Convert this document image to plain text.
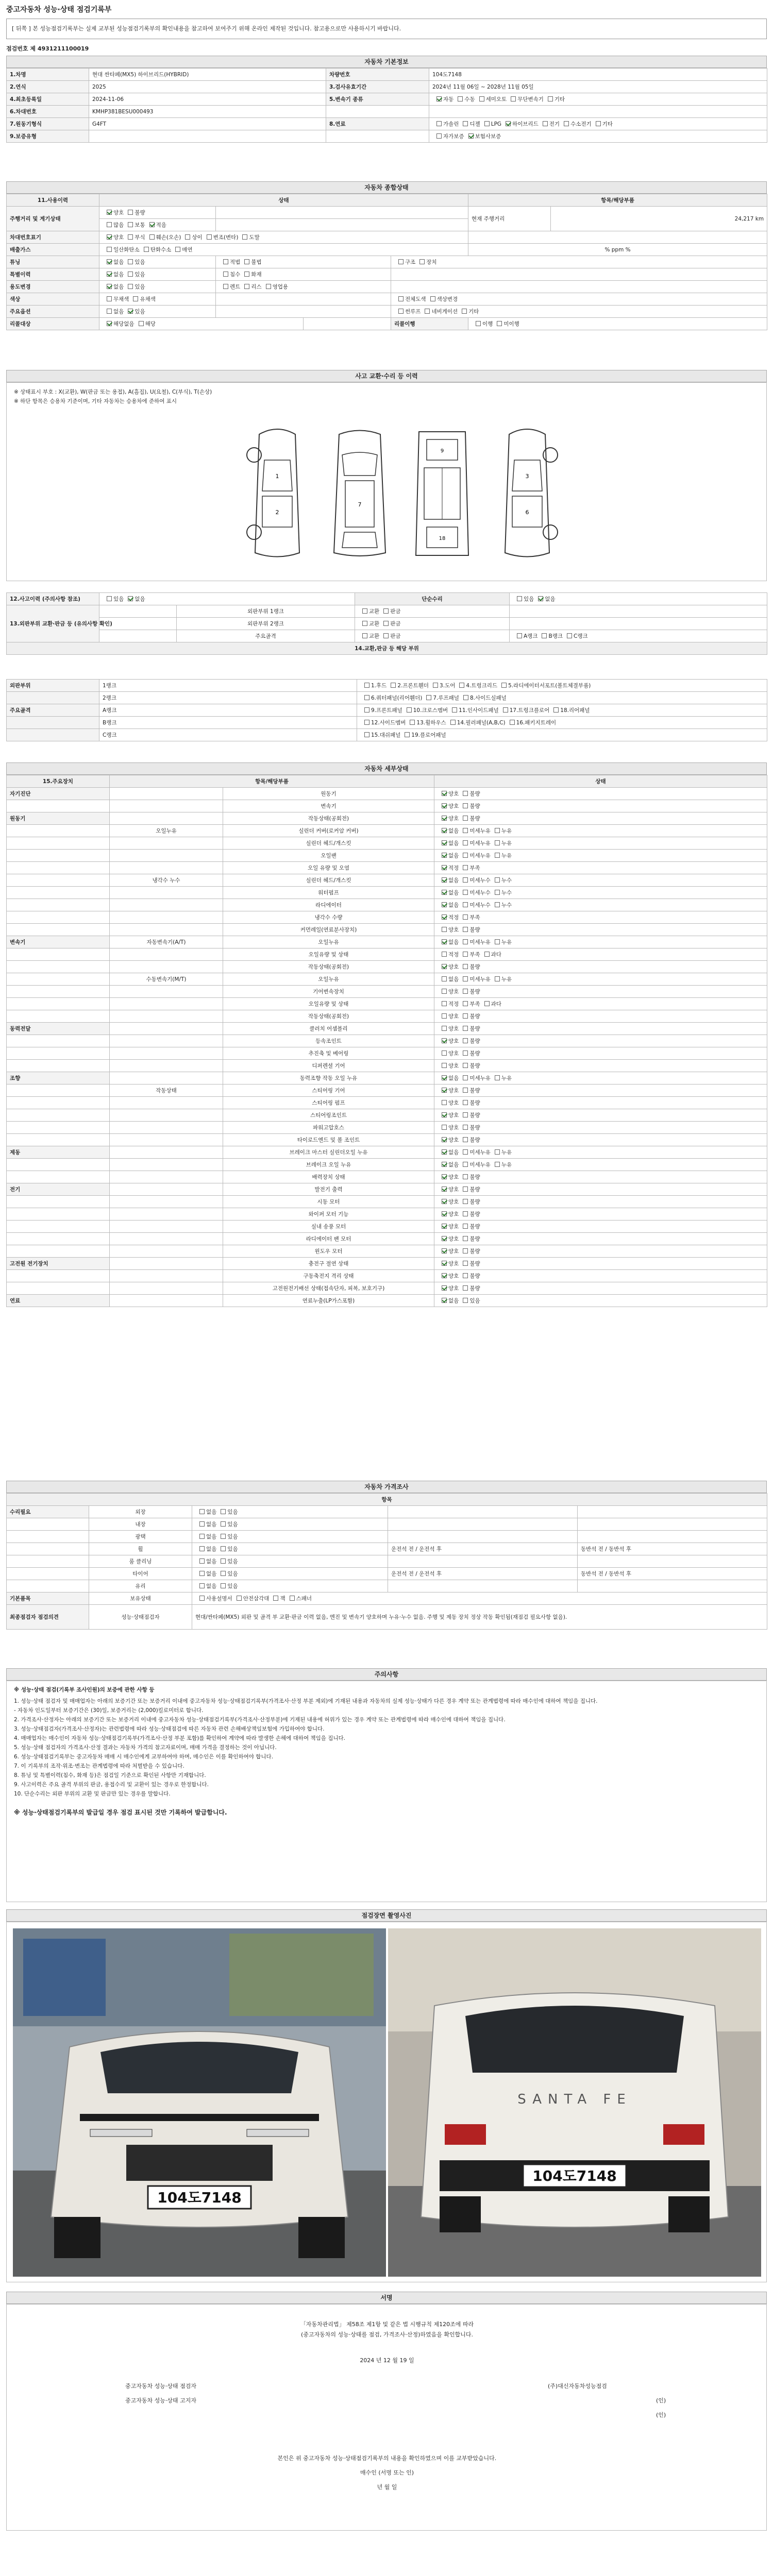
중고자동차 성능·상태 점검기록부
[ 뒤쪽 ] 본 성능점검기록부는 실제 교부된 성능점검기록부의 확인내용을 참고하여 보여주기 위해 온라인 제작된 것입니다. 참고용으로만 사용하시기 바랍니다.
점검번호 제 4931211100019
자동차 기본정보
1.차명	현대 싼타페(MX5) 하이브리드(HYBRID)	차량번호	104도7148
2.연식	2025	3.검사유효기간	2024년 11월 06일 ~ 2028년 11월 05일
4.최초등록일	2024-11-06	5.변속기 종류	자동 수동 세미오토 무단변속기 기타
6.차대번호	KMHP381BESU000493		
7.원동기형식	G4FT	8.연료	가솔린 디젤 LPG 하이브리드 전기 수소전기 기타
9.보증유형			자가보증 보험사보증
자동차 종합상태
11.사용이력	상태				항목/해당부품	
주행거리 및 계기상태	양호 불량				현재 주행거리	24,217 km
	많음 보통 적음					
차대번호표기	양호 부식 훼손(오손) 상이 변조(변타) 도말					
배출가스	일산화탄소 탄화수소 매연				% ppm %	
튜닝	없음 있음	적법 불법		구조 장치		
특별이력	없음 있음	침수 화재				
용도변경	없음 있음	렌트 리스 영업용				
색상	무채색 유채색			전체도색 색상변경		
주요옵션	없음 있음			썬루프 네비게이션 기타		
리콜대상	해당없음 해당			리콜이행	이행 미이행	
사고 교환·수리 등 이력
※ 상태표시 부호 : X(교환), W(판금 또는 용접), A(흠집), U(요철), C(부식), T(손상)
※ 하단 항목은 승용차 기준이며, 기타 자동차는 승용차에 준하여 표시
1
2
7
9
18
3
6
12.사고이력 (주의사항 참조)	있음 없음		단순수리	있음 없음
13.외판부위 교환·판금 등 (유의사항 확인)		외판부위 1랭크	교환 판금	
		외판부위 2랭크	교환 판금	
		주요골격	교환 판금	A랭크 B랭크 C랭크
14.교환,판금 등 해당 부위				
외판부위	1랭크	1.후드 2.프론트휀더 3.도어 4.트렁크리드 5.라디에이터서포트(볼트체결부품)
	2랭크	6.쿼터패널(리어휀더) 7.루프패널 8.사이드실패널
주요골격	A랭크	9.프론트패널 10.크로스멤버 11.인사이드패널 17.트렁크플로어 18.리어패널
	B랭크	12.사이드멤버 13.휠하우스 14.필러패널(A,B,C) 16.패키지트레이
	C랭크	15.대쉬패널 19.플로어패널
자동차 세부상태
15.주요장치	항목/해당부품		상태
자기진단		원동기	양호 불량
		변속기	양호 불량
원동기		작동상태(공회전)	양호 불량
	오일누유	실린더 커버(로커암 커버)	없음 미세누유 누유
		실린더 헤드/개스킷	없음 미세누유 누유
		오일팬	없음 미세누유 누유
		오일 유량 및 오염	적정 부족
	냉각수 누수	실린더 헤드/개스킷	없음 미세누수 누수
		워터펌프	없음 미세누수 누수
		라디에이터	없음 미세누수 누수
		냉각수 수량	적정 부족
		커먼레일(연료분사장치)	양호 불량
변속기	자동변속기(A/T)	오일누유	없음 미세누유 누유
		오일유량 및 상태	적정 부족 과다
		작동상태(공회전)	양호 불량
	수동변속기(M/T)	오일누유	없음 미세누유 누유
		기어변속장치	양호 불량
		오일유량 및 상태	적정 부족 과다
		작동상태(공회전)	양호 불량
동력전달		클러치 어셈블리	양호 불량
		등속조인트	양호 불량
		추진축 및 베어링	양호 불량
		디퍼렌셜 기어	양호 불량
조향		동력조향 작동 오일 누유	없음 미세누유 누유
	작동상태	스티어링 기어	양호 불량
		스티어링 펌프	양호 불량
		스티어링조인트	양호 불량
		파워고압호스	양호 불량
		타이로드엔드 및 볼 조인트	양호 불량
제동		브레이크 마스터 실린더오일 누유	없음 미세누유 누유
		브레이크 오일 누유	없음 미세누유 누유
		배력장치 상태	양호 불량
전기		발전기 출력	양호 불량
		시동 모터	양호 불량
		와이퍼 모터 기능	양호 불량
		실내 송풍 모터	양호 불량
		라디에이터 팬 모터	양호 불량
		윈도우 모터	양호 불량
고전원 전기장치		충전구 절연 상태	양호 불량
		구동축전지 격리 상태	양호 불량
		고전원전기배선 상태(접속단자, 피복, 보호기구)	양호 불량
연료		연료누출(LP가스포함)	없음 있음
자동차 가격조사
항목				
수리필요	외장	없음 있음		
	내장	없음 있음		
	광택	없음 있음		
	휠	없음 있음	운전석 전 / 운전석 후	동반석 전 / 동반석 후
	룸 클리닝	없음 있음		
	타이어	없음 있음	운전석 전 / 운전석 후	동반석 전 / 동반석 후
	유리	없음 있음		
기본품목	보유상태	사용설명서 안전삼각대 잭 스패너		
최종점검자 점검의견	성능·상태점검자	현대/싼타페(MX5) 외판 및 골격 부 교환·판금 이력 없음, 엔진 및 변속기 양호하며 누유·누수 없음. 주행 및 제동 장치 정상 작동 확인됨(재점검 필요사항 없음).		
주의사항
※ 성능·상태 점검(기록부 조사인원)의 보증에 관한 사항 등
1. 성능·상태 점검자 및 매매업자는 아래의 보증기간 또는 보증거리 이내에 중고자동차 성능·상태점검기록부(가격조사·산정 부분 제외)에 기재된 내용과 자동차의 실제 성능·상태가 다른 경우 계약 또는 관계법령에 따라 매수인에 대하여 책임을 집니다.
- 자동차 인도일부터 보증기간은 (30)일, 보증거리는 (2,000)킬로미터로 합니다.
2. 가격조사·산정자는 아래의 보증기간 또는 보증거리 이내에 중고자동차 성능·상태점검기록부(가격조사·산정부분)에 기재된 내용에 허위가 있는 경우 계약 또는 관계법령에 따라 매수인에 대하여 책임을 집니다.
3. 성능·상태점검자(가격조사·산정자)는 관련법령에 따라 성능·상태점검에 따른 자동차 관련 손해배상책임보험에 가입하여야 합니다.
4. 매매업자는 매수인이 자동차 성능·상태점검기록부(가격조사·산정 부분 포함)를 확인하여 계약에 따라 발생한 손해에 대하여 책임을 집니다.
5. 성능·상태 점검자의 가격조사·산정 결과는 자동차 가격의 참고자료이며, 매매 가격을 결정하는 것이 아닙니다.
6. 성능·상태점검기록부는 중고자동차 매매 시 매수인에게 교부하여야 하며, 매수인은 이를 확인하여야 합니다.
7. 이 기록부의 조작·위조·변조는 관계법령에 따라 처벌받을 수 있습니다.
8. 튜닝 및 특별이력(침수, 화재 등)은 점검일 기준으로 확인된 사항만 기재합니다.
9. 사고이력은 주요 골격 부위의 판금, 용접수리 및 교환이 있는 경우로 한정합니다.
10. 단순수리는 외판 부위의 교환 및 판금만 있는 경우를 말합니다.
※ 성능·상태점검기록부의 발급일 경우 점검 표시된 것만 기록하여 발급합니다.
점검장면 촬영사진
104도7148
SANTA FE
104도7148
서명
「자동차관리법」 제58조 제1항 및 같은 법 시행규칙 제120조에 따라
(중고자동차의 성능·상태를 점검, 가격조사·산정)하였음을 확인합니다.
2024 년 12 월 19 일
중고자동차 성능·상태 점검자	(주)대신자동차성능점검
(인)
중고자동차 성능·상태 고지자
(인)
본인은 위 중고자동차 성능·상태점검기록부의 내용을 확인하였으며 이를 교부받았습니다.
매수인 (서명 또는 인)
년 월 일
